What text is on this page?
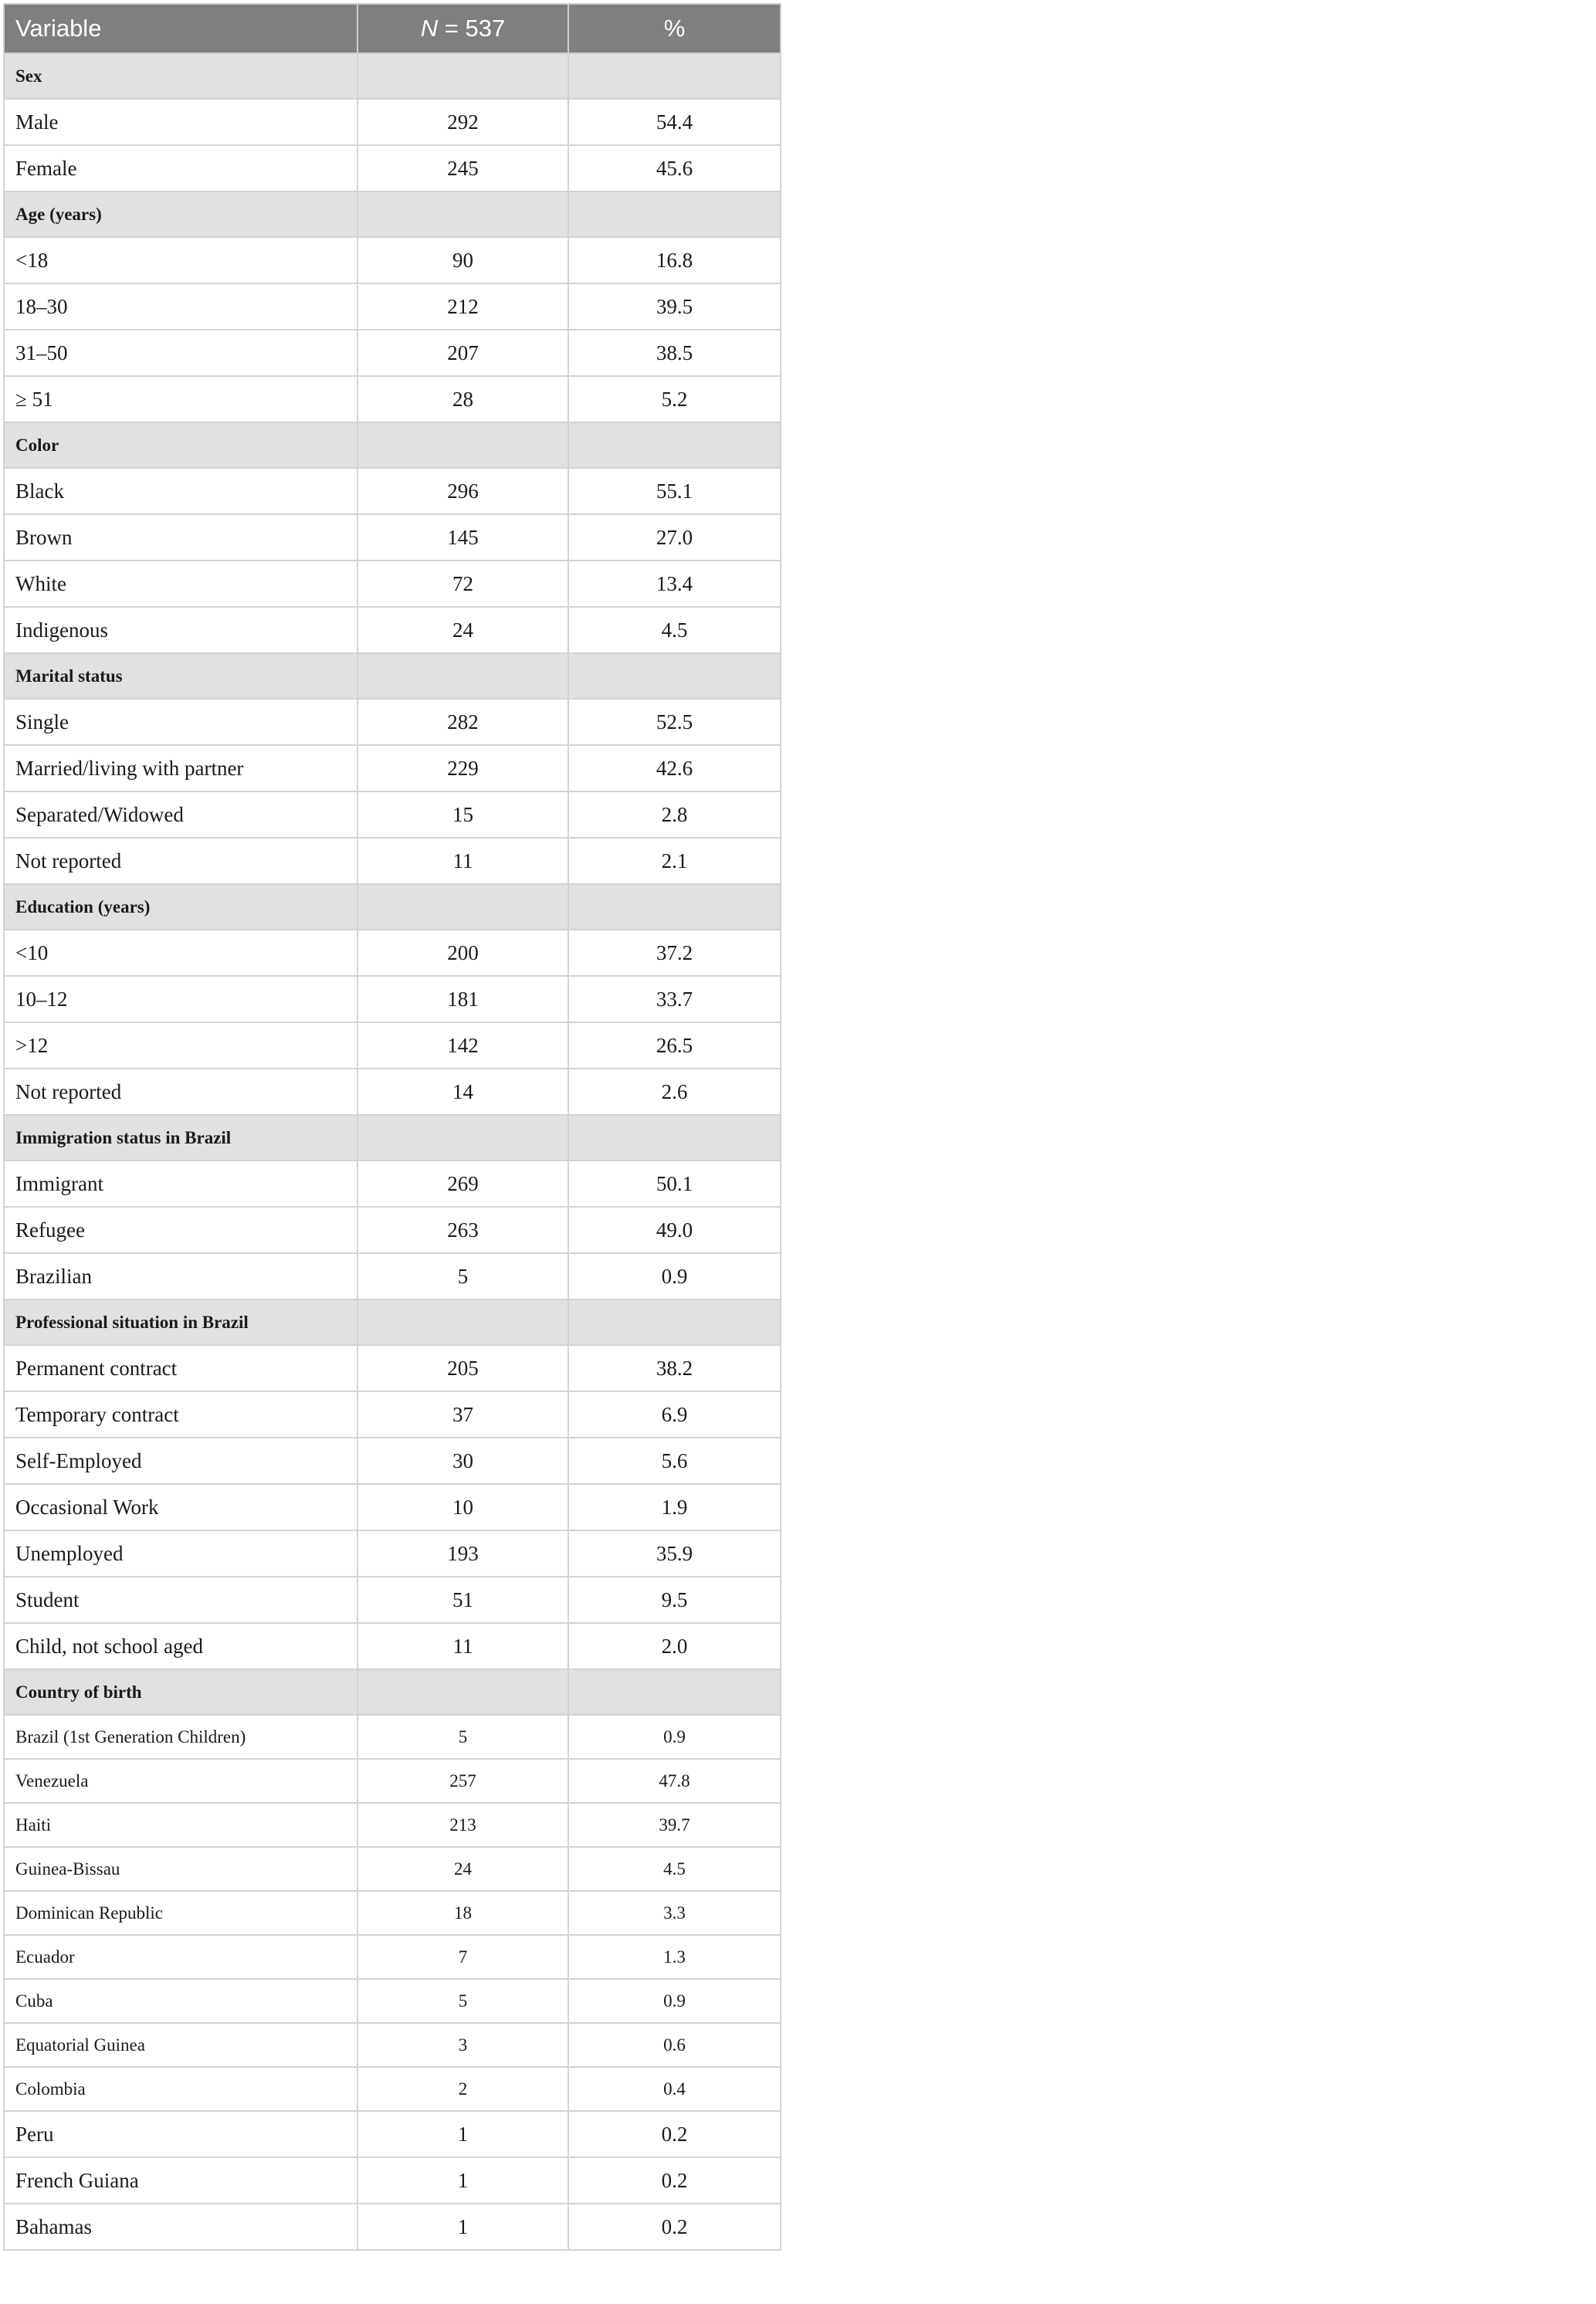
Variable	N = 537	%
Sex		
Male	292	54.4
Female	245	45.6
Age (years)		
<18	90	16.8
18–30	212	39.5
31–50	207	38.5
≥ 51	28	5.2
Color		
Black	296	55.1
Brown	145	27.0
White	72	13.4
Indigenous	24	4.5
Marital status		
Single	282	52.5
Married/living with partner	229	42.6
Separated/Widowed	15	2.8
Not reported	11	2.1
Education (years)		
<10	200	37.2
10–12	181	33.7
>12	142	26.5
Not reported	14	2.6
Immigration status in Brazil		
Immigrant	269	50.1
Refugee	263	49.0
Brazilian	5	0.9
Professional situation in Brazil		
Permanent contract	205	38.2
Temporary contract	37	6.9
Self-Employed	30	5.6
Occasional Work	10	1.9
Unemployed	193	35.9
Student	51	9.5
Child, not school aged	11	2.0
Country of birth		
Brazil (1st Generation Children)	5	0.9
Venezuela	257	47.8
Haiti	213	39.7
Guinea-Bissau	24	4.5
Dominican Republic	18	3.3
Ecuador	7	1.3
Cuba	5	0.9
Equatorial Guinea	3	0.6
Colombia	2	0.4
Peru	1	0.2
French Guiana	1	0.2
Bahamas	1	0.2
